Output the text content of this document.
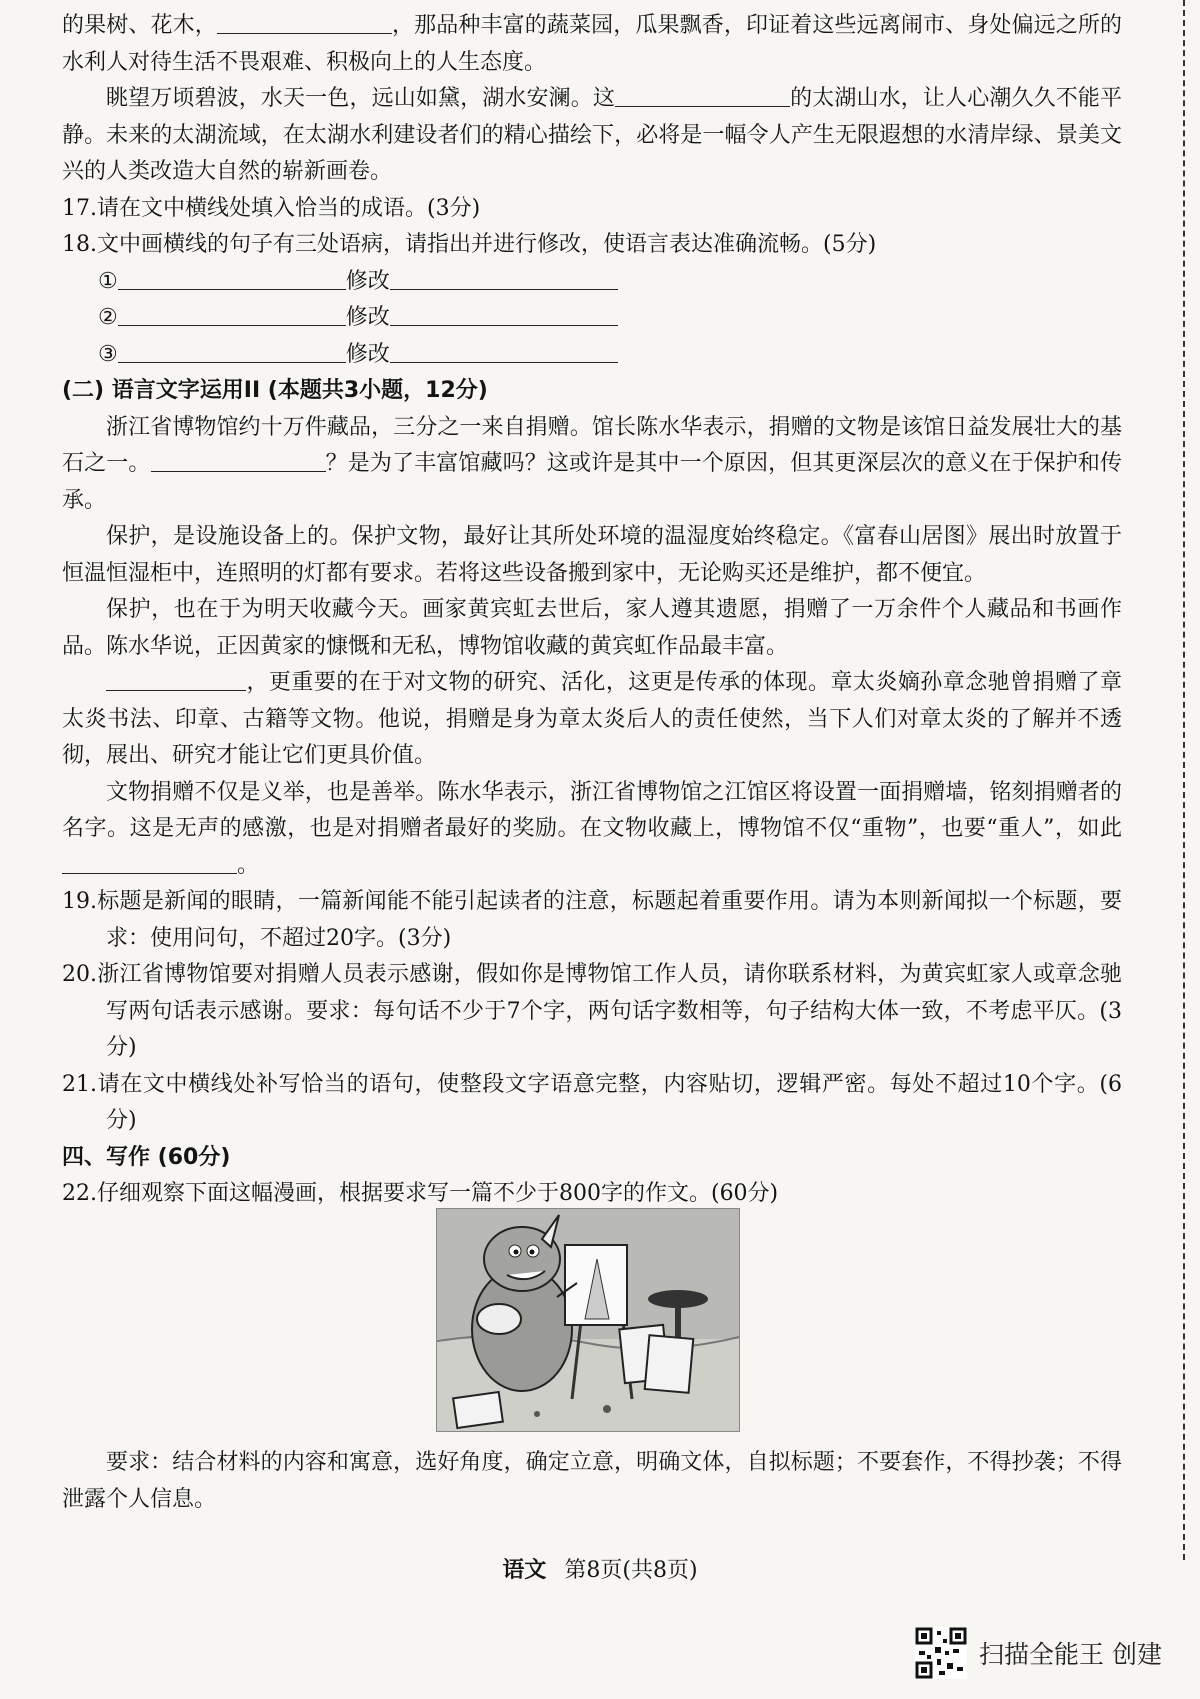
的果树、花木，	，那品种丰富的蔬菜园，瓜果飘香，印证着这些远离闹市、身处偏远之所的水利人对待生活不畏艰难、积极向上的人生态度。

眺望万顷碧波，水天一色，远山如黛，湖水安澜。这	的太湖山水，让人心潮久久不能平静。未来的太湖流域，在太湖水利建设者们的精心描绘下，必将是一幅令人产生无限遐想的水清岸绿、景美文兴的人类改造大自然的崭新画卷。

17.请在文中横线处填入恰当的成语。(3分)

18.文中画横线的句子有三处语病，请指出并进行修改，使语言表达准确流畅。(5分)

①	修改

②	修改

③	修改

(二) 语言文字运用II (本题共3小题，12分)

浙江省博物馆约十万件藏品，三分之一来自捐赠。馆长陈水华表示，捐赠的文物是该馆日益发展壮大的基石之一。	？是为了丰富馆藏吗？这或许是其中一个原因，但其更深层次的意义在于保护和传承。

保护，是设施设备上的。保护文物，最好让其所处环境的温湿度始终稳定。《富春山居图》展出时放置于恒温恒湿柜中，连照明的灯都有要求。若将这些设备搬到家中，无论购买还是维护，都不便宜。

保护，也在于为明天收藏今天。画家黄宾虹去世后，家人遵其遗愿，捐赠了一万余件个人藏品和书画作品。陈水华说，正因黄家的慷慨和无私，博物馆收藏的黄宾虹作品最丰富。

，更重要的在于对文物的研究、活化，这更是传承的体现。章太炎嫡孙章念驰曾捐赠了章太炎书法、印章、古籍等文物。他说，捐赠是身为章太炎后人的责任使然，当下人们对章太炎的了解并不透彻，展出、研究才能让它们更具价值。

文物捐赠不仅是义举，也是善举。陈水华表示，浙江省博物馆之江馆区将设置一面捐赠墙，铭刻捐赠者的名字。这是无声的感激，也是对捐赠者最好的奖励。在文物收藏上，博物馆不仅“重物”，也要“重人”，如此。

19.标题是新闻的眼睛，一篇新闻能不能引起读者的注意，标题起着重要作用。请为本则新闻拟一个标题，要求：使用问句，不超过20字。(3分)

20.浙江省博物馆要对捐赠人员表示感谢，假如你是博物馆工作人员，请你联系材料，为黄宾虹家人或章念驰写两句话表示感谢。要求：每句话不少于7个字，两句话字数相等，句子结构大体一致，不考虑平仄。(3分)

21.请在文中横线处补写恰当的语句，使整段文字语意完整，内容贴切，逻辑严密。每处不超过10个字。(6分)

四、写作 (60分)

22.仔细观察下面这幅漫画，根据要求写一篇不少于800字的作文。(60分)

要求：结合材料的内容和寓意，选好角度，确定立意，明确文体，自拟标题；不要套作，不得抄袭；不得泄露个人信息。

语文 第8页(共8页)
扫描全能王 创建
